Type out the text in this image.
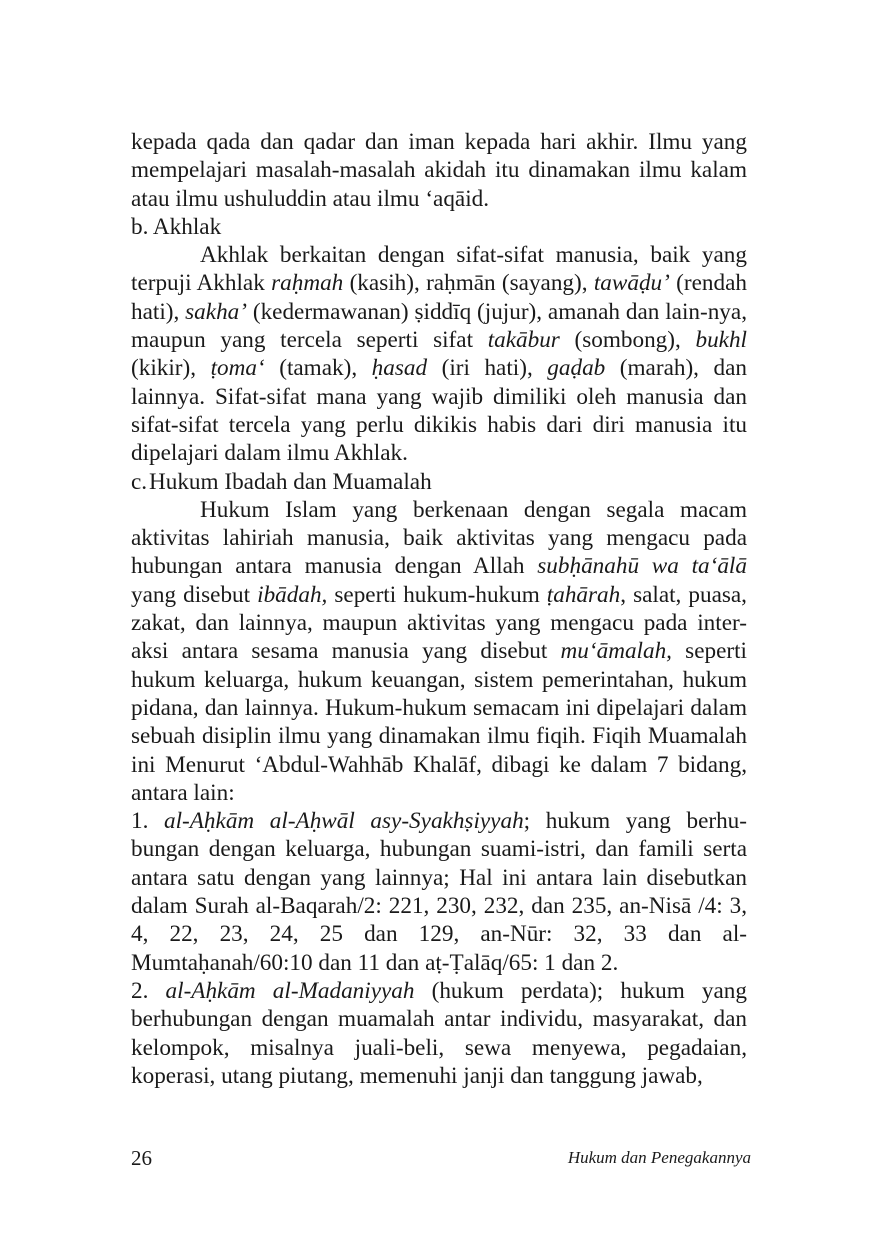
kepada qada dan qadar dan iman kepada hari akhir. Ilmu yang mempelajari masalah-masalah akidah itu dinamakan ilmu kalam atau ilmu ushuluddin atau ilmu ‘aqāid.

b. Akhlak

Akhlak berkaitan dengan sifat-sifat manusia, baik yang terpuji Akhlak raḥmah (kasih), raḥmān (sayang), tawāḍu’ (rendah hati), sakha’ (kedermawanan) ṣiddīq (jujur), amanah dan lain-nya, maupun yang tercela seperti sifat takābur (sombong), bukhl (kikir), ṭoma‘ (tamak), ḥasad (iri hati), gaḍab (marah), dan lainnya. Sifat-sifat mana yang wajib dimiliki oleh manusia dan sifat-sifat tercela yang perlu dikikis habis dari diri manusia itu dipelajari dalam ilmu Akhlak.

c.Hukum Ibadah dan Muamalah

Hukum Islam yang berkenaan dengan segala macam aktivitas lahiriah manusia, baik aktivitas yang mengacu pada hubungan antara manusia dengan Allah subḥānahū wa ta‘ālā yang disebut ibādah, seperti hukum-hukum ṭahārah, salat, puasa, zakat, dan lainnya, maupun aktivitas yang mengacu pada inter-aksi antara sesama manusia yang disebut mu‘āmalah, seperti hukum keluarga, hukum keuangan, sistem pemerintahan, hukum pidana, dan lainnya. Hukum-hukum semacam ini dipelajari dalam sebuah disiplin ilmu yang dinamakan ilmu fiqih. Fiqih Muamalah ini Menurut ‘Abdul-Wahhāb Khalāf, dibagi ke dalam 7 bidang, antara lain:

1. al-Aḥkām al-Aḥwāl asy-Syakhṣiyyah; hukum yang berhu-bungan dengan keluarga, hubungan suami-istri, dan famili serta antara satu dengan yang lainnya; Hal ini antara lain disebutkan dalam Surah al-Baqarah/2: 221, 230, 232, dan 235, an-Nisā /4: 3, 4, 22, 23, 24, 25 dan 129, an-Nūr: 32, 33 dan al-Mumtaḥanah/60:10 dan 11 dan aṭ-Ṭalāq/65: 1 dan 2.

2. al-Aḥkām al-Madaniyyah (hukum perdata); hukum yang berhubungan dengan muamalah antar individu, masyarakat, dan kelompok, misalnya juali-beli, sewa menyewa, pegadaian, koperasi, utang piutang, memenuhi janji dan tanggung jawab,

26	Hukum dan Penegakannya
